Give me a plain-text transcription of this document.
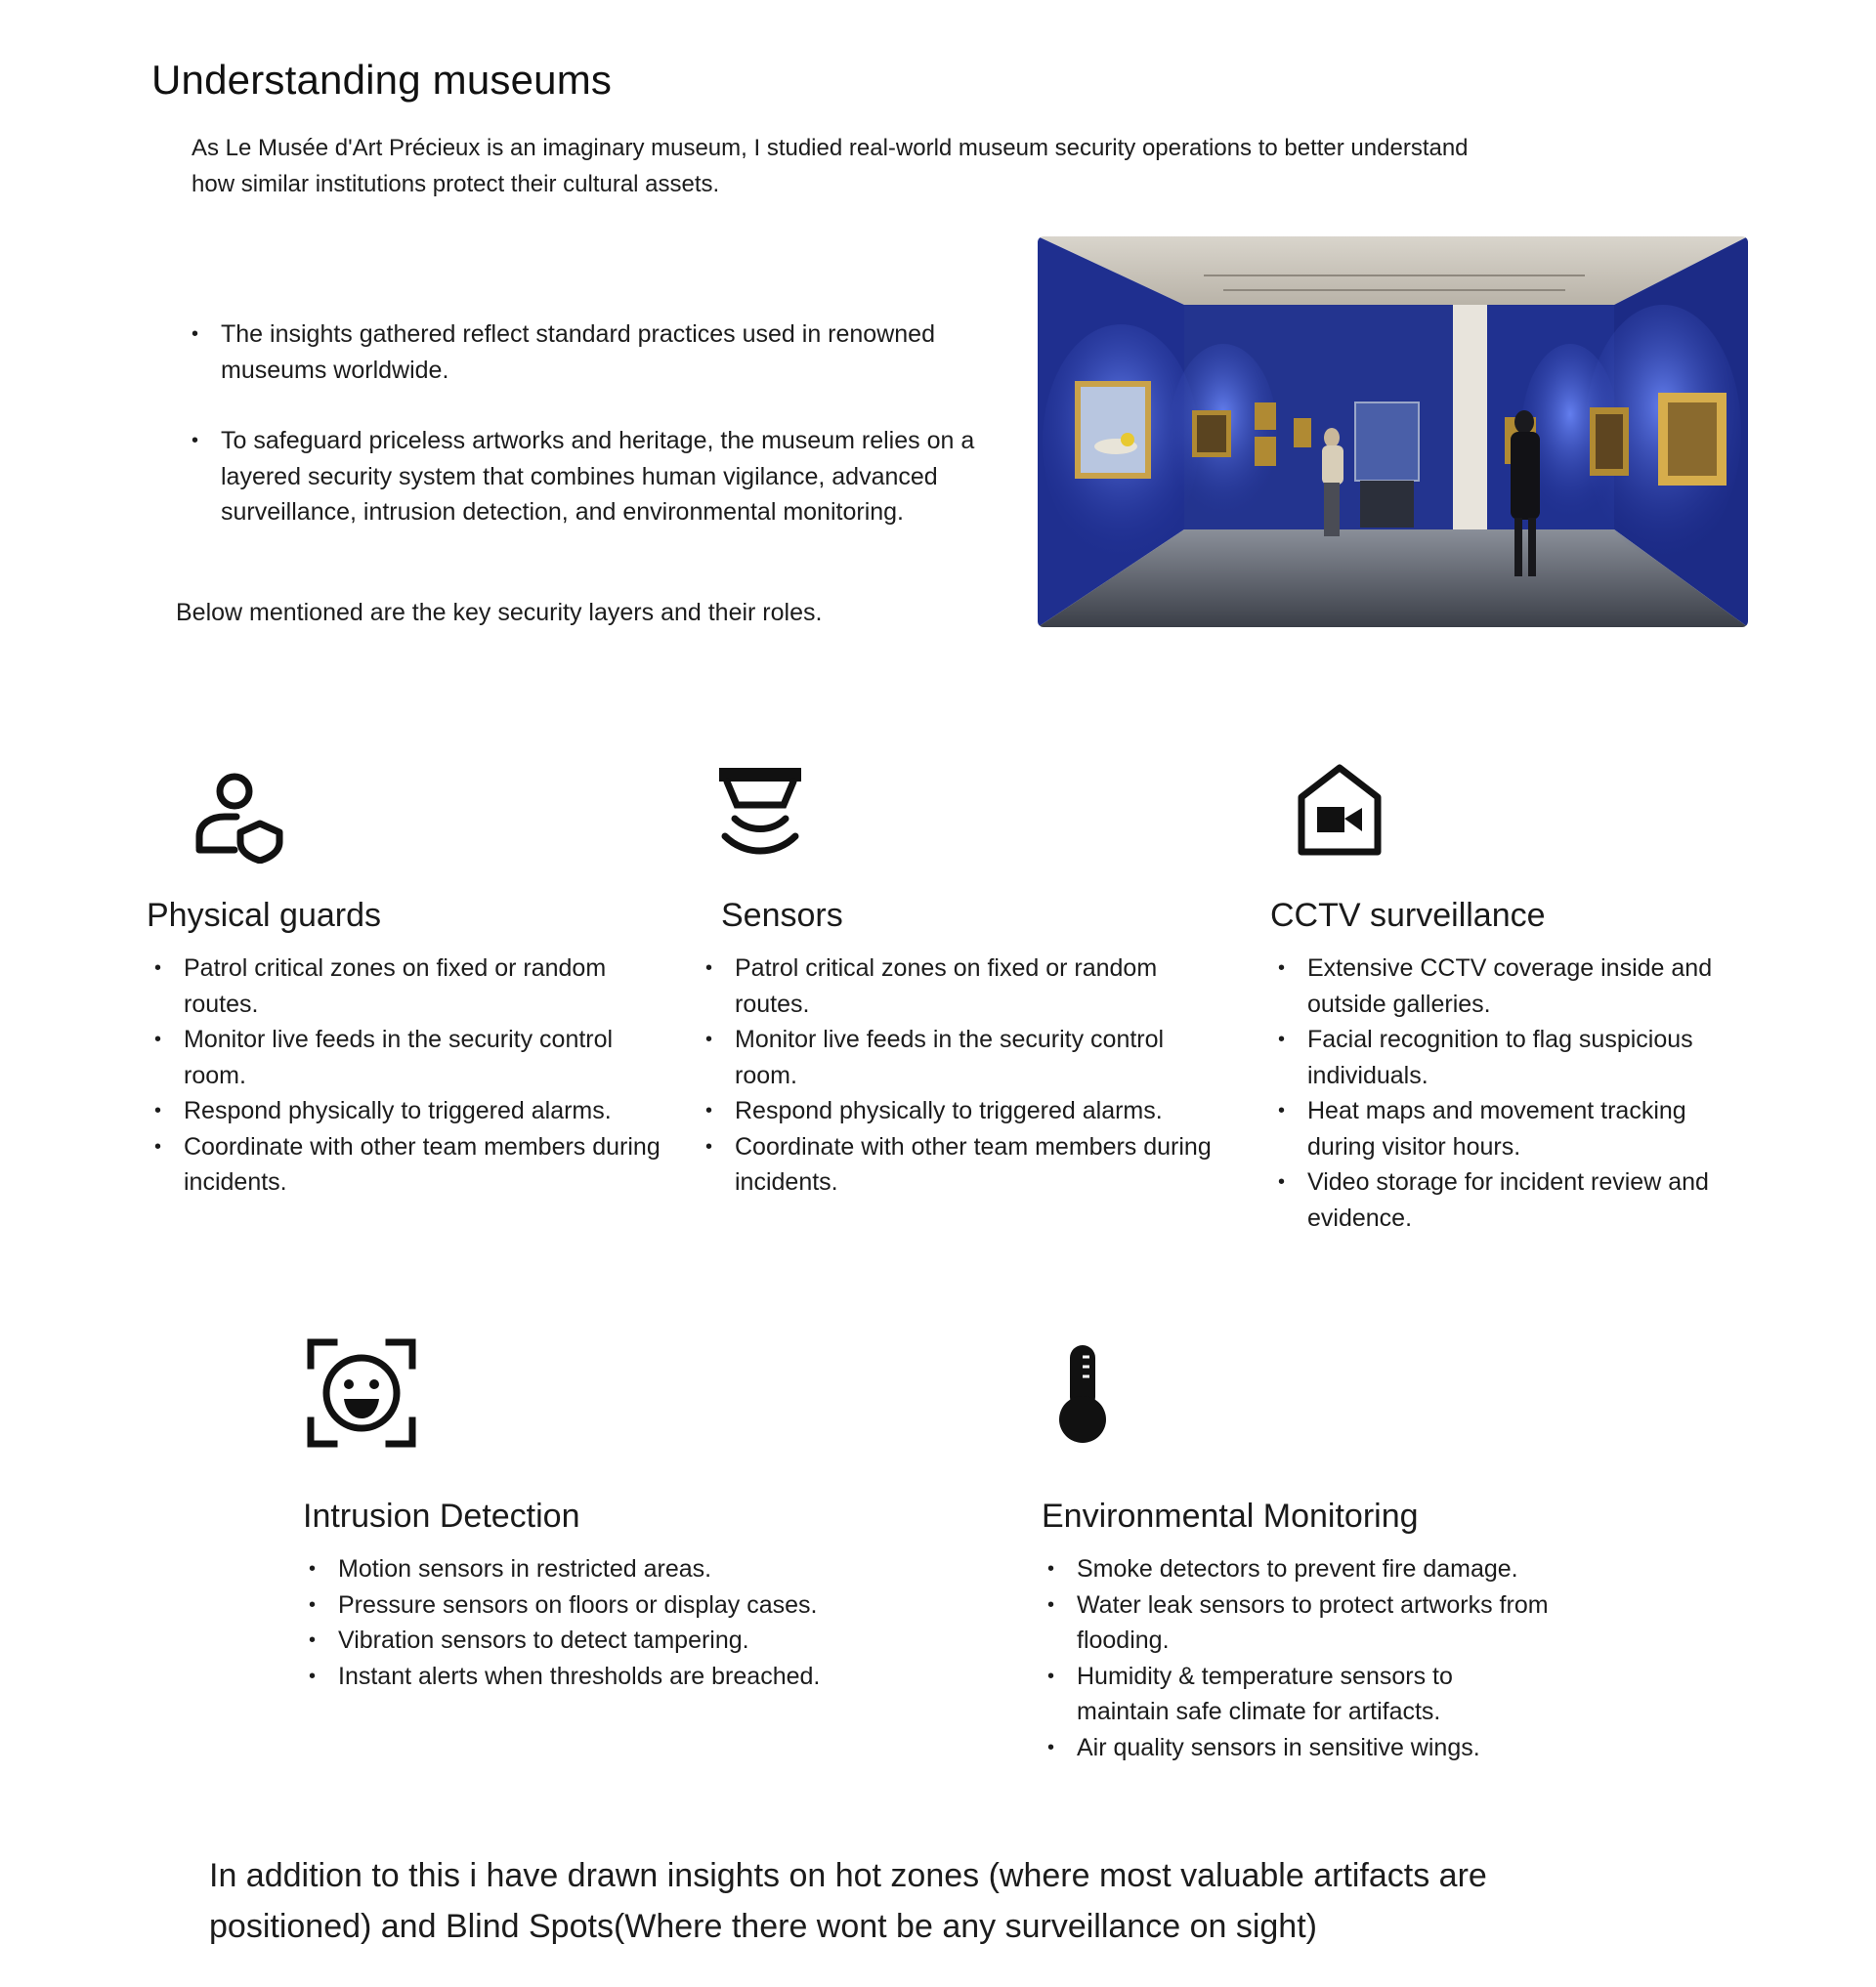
Understanding museums
As Le Musée d'Art Précieux is an imaginary museum, I studied real-world museum security operations to better understand how similar institutions protect their cultural assets.
• The insights gathered reflect standard practices used in renowned museums worldwide.
• To safeguard priceless artworks and heritage, the museum relies on a layered security system that combines human vigilance, advanced surveillance, intrusion detection, and environmental monitoring.
Below mentioned are the key security layers and their roles.
Physical guards	Sensors	CCTV surveillance
• Patrol critical zones on fixed or random routes.
• Monitor live feeds in the security control room.
• Respond physically to triggered alarms.
• Coordinate with other team members during incidents.
• Patrol critical zones on fixed or random routes.
• Monitor live feeds in the security control room.
• Respond physically to triggered alarms.
• Coordinate with other team members during incidents.
• Extensive CCTV coverage inside and outside galleries.
• Facial recognition to flag suspicious individuals.
• Heat maps and movement tracking during visitor hours.
• Video storage for incident review and evidence.
Intrusion Detection	Environmental Monitoring
• Motion sensors in restricted areas.
• Pressure sensors on floors or display cases.
• Vibration sensors to detect tampering.
• Instant alerts when thresholds are breached.
• Smoke detectors to prevent fire damage.
• Water leak sensors to protect artworks from flooding.
• Humidity & temperature sensors to maintain safe climate for artifacts.
• Air quality sensors in sensitive wings.
In addition to this i have drawn insights on hot zones (where most valuable artifacts are positioned) and Blind Spots(Where there wont be any surveillance on sight)
